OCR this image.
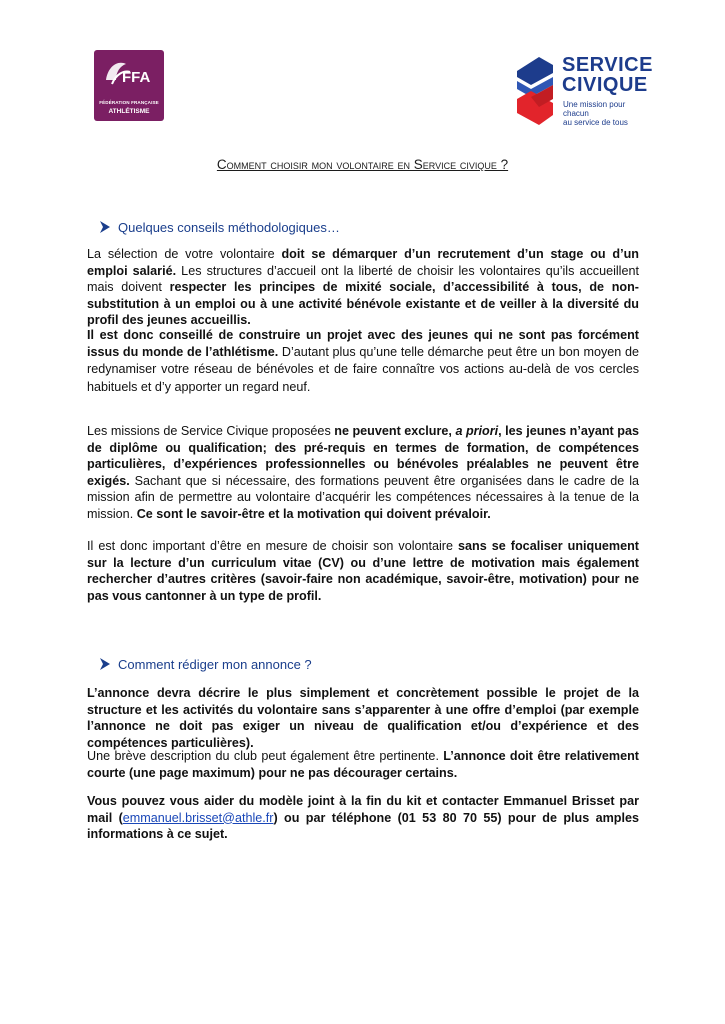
FFA
FÉDÉRATION FRANÇAISE
ATHLÉTISME
SERVICE
CIVIQUE
Une mission pour chacun
au service de tous
Comment choisir mon volontaire en Service civique ?
Quelques conseils méthodologiques…

La sélection de votre volontaire doit se démarquer d’un recrutement d’un stage ou d’un emploi salarié. Les structures d’accueil ont la liberté de choisir les volontaires qu’ils accueillent mais doivent respecter les principes de mixité sociale, d’accessibilité à tous, de non-substitution à un emploi ou à une activité bénévole existante et de veiller à la diversité du profil des jeunes accueillis.

Il est donc conseillé de construire un projet avec des jeunes qui ne sont pas forcément issus du monde de l’athlétisme. D’autant plus qu’une telle démarche peut être un bon moyen de redynamiser votre réseau de bénévoles et de faire connaître vos actions au-delà de vos cercles habituels et d’y apporter un regard neuf.

Les missions de Service Civique proposées ne peuvent exclure, a priori, les jeunes n’ayant pas de diplôme ou qualification; des pré-requis en termes de formation, de compétences particulières, d’expériences professionnelles ou bénévoles préalables ne peuvent être exigés. Sachant que si nécessaire, des formations peuvent être organisées dans le cadre de la mission afin de permettre au volontaire d’acquérir les compétences nécessaires à la tenue de la mission. Ce sont le savoir-être et la motivation qui doivent prévaloir.

Il est donc important d’être en mesure de choisir son volontaire sans se focaliser uniquement sur la lecture d’un curriculum vitae (CV) ou d’une lettre de motivation mais également rechercher d’autres critères (savoir-faire non académique, savoir-être, motivation) pour ne pas vous cantonner à un type de profil.

Comment rédiger mon annonce ?

L’annonce devra décrire le plus simplement et concrètement possible le projet de la structure et les activités du volontaire sans s’apparenter à une offre d’emploi (par exemple l’annonce ne doit pas exiger un niveau de qualification et/ou d’expérience et des compétences particulières).

Une brève description du club peut également être pertinente. L’annonce doit être relativement courte (une page maximum) pour ne pas décourager certains.

Vous pouvez vous aider du modèle joint à la fin du kit et contacter Emmanuel Brisset par mail (emmanuel.brisset@athle.fr) ou par téléphone (01 53 80 70 55) pour de plus amples informations à ce sujet.
